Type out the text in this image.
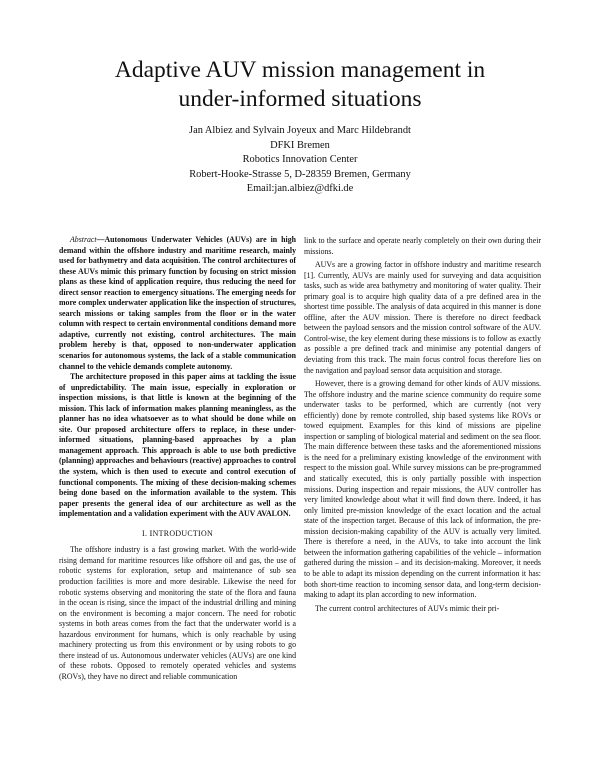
Adaptive AUV mission management in
under-informed situations
Jan Albiez and Sylvain Joyeux and Marc Hildebrandt
DFKI Bremen
Robotics Innovation Center
Robert-Hooke-Strasse 5, D-28359 Bremen, Germany
Email:jan.albiez@dfki.de

Abstract—Autonomous Underwater Vehicles (AUVs) are in high demand within the offshore industry and maritime research, mainly used for bathymetry and data acquisition. The control architectures of these AUVs mimic this primary function by focusing on strict mission plans as these kind of application require, thus reducing the need for direct sensor reaction to emergency situations. The emerging needs for more complex underwater application like the inspection of structures, search missions or taking samples from the floor or in the water column with respect to certain environmental conditions demand more adaptive, currently not existing, control architectures. The main problem hereby is that, opposed to non-underwater application scenarios for autonomous systems, the lack of a stable communication channel to the vehicle demands complete autonomy.

The architecture proposed in this paper aims at tackling the issue of unpredictability. The main issue, especially in exploration or inspection missions, is that little is known at the beginning of the mission. This lack of information makes planning meaningless, as the planner has no idea whatsoever as to what should be done while on site. Our proposed architecture offers to replace, in these under-informed situations, planning-based approaches by a plan management approach. This approach is able to use both predictive (planning) approaches and behaviours (reactive) approaches to control the system, which is then used to execute and control execution of functional components. The mixing of these decision-making schemes being done based on the information available to the system. This paper presents the general idea of our architecture as well as the implementation and a validation experiment with the AUV AVALON.

I. INTRODUCTION

The offshore industry is a fast growing market. With the world-wide rising demand for maritime resources like offshore oil and gas, the use of robotic systems for exploration, setup and maintenance of sub sea production facilities is more and more desirable. Likewise the need for robotic systems observing and monitoring the state of the flora and fauna in the ocean is rising, since the impact of the industrial drilling and mining on the environment is becoming a major concern. The need for robotic systems in both areas comes from the fact that the underwater world is a hazardous environment for humans, which is only reachable by using machinery protecting us from this environment or by using robots to go there instead of us. Autonomous underwater vehicles (AUVs) are one kind of these robots. Opposed to remotely operated vehicles and systems (ROVs), they have no direct and reliable communication

link to the surface and operate nearly completely on their own during their missions.

AUVs are a growing factor in offshore industry and maritime research [1]. Currently, AUVs are mainly used for surveying and data acquisition tasks, such as wide area bathymetry and monitoring of water quality. Their primary goal is to acquire high quality data of a pre defined area in the shortest time possible. The analysis of data acquired in this manner is done offline, after the AUV mission. There is therefore no direct feedback between the payload sensors and the mission control software of the AUV. Control-wise, the key element during these missions is to follow as exactly as possible a pre defined track and minimise any potential dangers of deviating from this track. The main focus control focus therefore lies on the navigation and payload sensor data acquisition and storage.

However, there is a growing demand for other kinds of AUV missions. The offshore industry and the marine science community do require some underwater tasks to be performed, which are currently (not very efficiently) done by remote controlled, ship based systems like ROVs or towed equipment. Examples for this kind of missions are pipeline inspection or sampling of biological material and sediment on the sea floor. The main difference between these tasks and the aforementioned missions is the need for a preliminary existing knowledge of the environment with respect to the mission goal. While survey missions can be pre-programmed and statically executed, this is only partially possible with inspection missions. During inspection and repair missions, the AUV controller has very limited knowledge about what it will find down there. Indeed, it has only limited pre-mission knowledge of the exact location and the actual state of the inspection target. Because of this lack of information, the pre-mission decision-making capability of the AUV is actually very limited. There is therefore a need, in the AUVs, to take into account the link between the information gathering capabilities of the vehicle – information gathered during the mission – and its decision-making. Moreover, it needs to be able to adapt its mission depending on the current information it has: both short-time reaction to incoming sensor data, and long-term decision-making to adapt its plan according to new information.

The current control architectures of AUVs mimic their pri-
